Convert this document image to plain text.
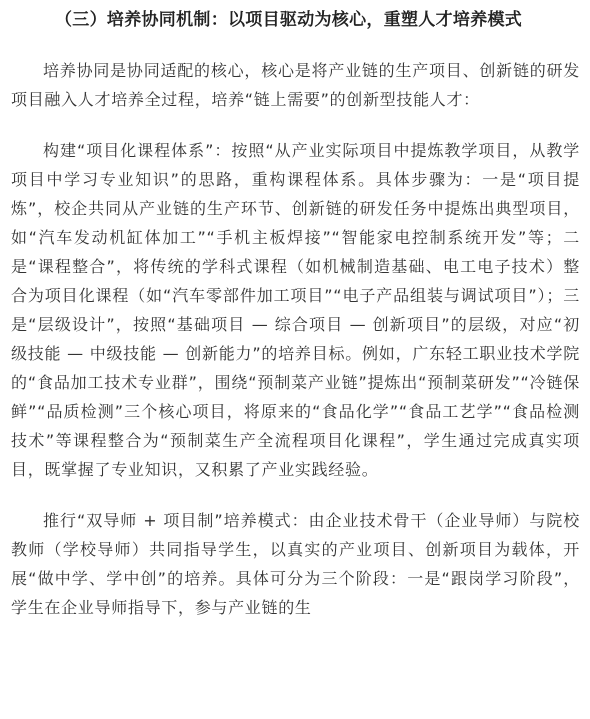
（三）培养协同机制：以项目驱动为核心，重塑人才培养模式

培养协同是协同适配的核心，核心是将产业链的生产项目、创新链的研发项目融入人才培养全过程，培养“链上需要”的创新型技能人才：

构建“项目化课程体系”：按照“从产业实际项目中提炼教学项目，从教学项目中学习专业知识”的思路，重构课程体系。具体步骤为：一是“项目提炼”，校企共同从产业链的生产环节、创新链的研发任务中提炼出典型项目，如“汽车发动机缸体加工”“手机主板焊接”“智能家电控制系统开发”等；二是“课程整合”，将传统的学科式课程（如机械制造基础、电工电子技术）整合为项目化课程（如“汽车零部件加工项目”“电子产品组装与调试项目”）；三是“层级设计”，按照“基础项目 — 综合项目 — 创新项目”的层级，对应“初级技能 — 中级技能 — 创新能力”的培养目标。例如，广东轻工职业技术学院的“食品加工技术专业群”，围绕“预制菜产业链”提炼出“预制菜研发”“冷链保鲜”“品质检测”三个核心项目，将原来的“食品化学”“食品工艺学”“食品检测技术”等课程整合为“预制菜生产全流程项目化课程”，学生通过完成真实项目，既掌握了专业知识，又积累了产业实践经验。

推行“双导师 + 项目制”培养模式：由企业技术骨干（企业导师）与院校教师（学校导师）共同指导学生，以真实的产业项目、创新项目为载体，开展“做中学、学中创”的培养。具体可分为三个阶段：一是“跟岗学习阶段”，学生在企业导师指导下，参与产业链的生
